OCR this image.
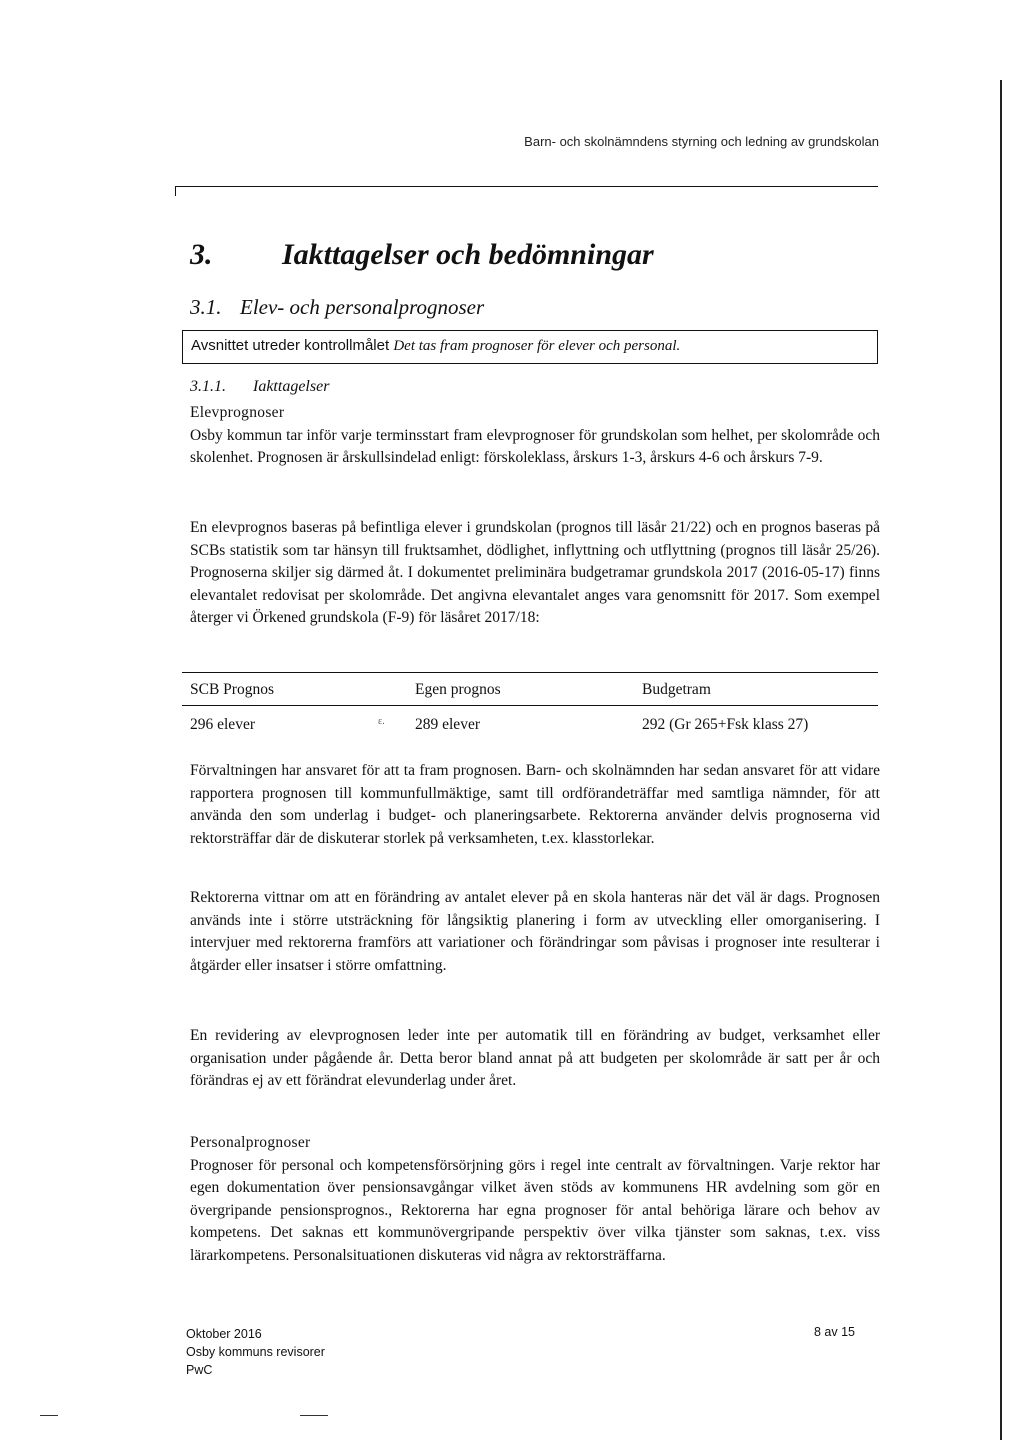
Barn- och skolnämndens styrning och ledning av grundskolan
3. Iakttagelser och bedömningar
3.1. Elev- och personalprognoser
Avsnittet utreder kontrollmålet Det tas fram prognoser för elever och personal.
3.1.1. Iakttagelser
Elevprognoser
Osby kommun tar inför varje terminsstart fram elevprognoser för grundskolan som helhet, per skolområde och skolenhet. Prognosen är årskullsindelad enligt: förskoleklass, årskurs 1-3, årskurs 4-6 och årskurs 7-9.
En elevprognos baseras på befintliga elever i grundskolan (prognos till läsår 21/22) och en prognos baseras på SCBs statistik som tar hänsyn till fruktsamhet, dödlighet, inflyttning och utflyttning (prognos till läsår 25/26). Prognoserna skiljer sig därmed åt. I dokumentet preliminära budgetramar grundskola 2017 (2016-05-17) finns elevantalet redovisat per skolområde. Det angivna elevantalet anges vara genomsnitt för 2017. Som exempel återger vi Örkened grundskola (F-9) för läsåret 2017/18:
SCB Prognos	Egen prognos	Budgetram
296 elever	ε. 289 elever	292 (Gr 265+Fsk klass 27)
Förvaltningen har ansvaret för att ta fram prognosen. Barn- och skolnämnden har sedan ansvaret för att vidare rapportera prognosen till kommunfullmäktige, samt till ordförandeträffar med samtliga nämnder, för att använda den som underlag i budget- och planeringsarbete. Rektorerna använder delvis prognoserna vid rektorsträffar där de diskuterar storlek på verksamheten, t.ex. klasstorlekar.
Rektorerna vittnar om att en förändring av antalet elever på en skola hanteras när det väl är dags. Prognosen används inte i större utsträckning för långsiktig planering i form av utveckling eller omorganisering. I intervjuer med rektorerna framförs att variationer och förändringar som påvisas i prognoser inte resulterar i åtgärder eller insatser i större omfattning.
En revidering av elevprognosen leder inte per automatik till en förändring av budget, verksamhet eller organisation under pågående år. Detta beror bland annat på att budgeten per skolområde är satt per år och förändras ej av ett förändrat elevunderlag under året.
Personalprognoser
Prognoser för personal och kompetensförsörjning görs i regel inte centralt av förvaltningen. Varje rektor har egen dokumentation över pensionsavgångar vilket även stöds av kommunens HR avdelning som gör en övergripande pensionsprognos., Rektorerna har egna prognoser för antal behöriga lärare och behov av kompetens. Det saknas ett kommunövergripande perspektiv över vilka tjänster som saknas, t.ex. viss lärarkompetens. Personalsituationen diskuteras vid några av rektorsträffarna.
Oktober 2016
Osby kommuns revisorer
PwC
8 av 15
